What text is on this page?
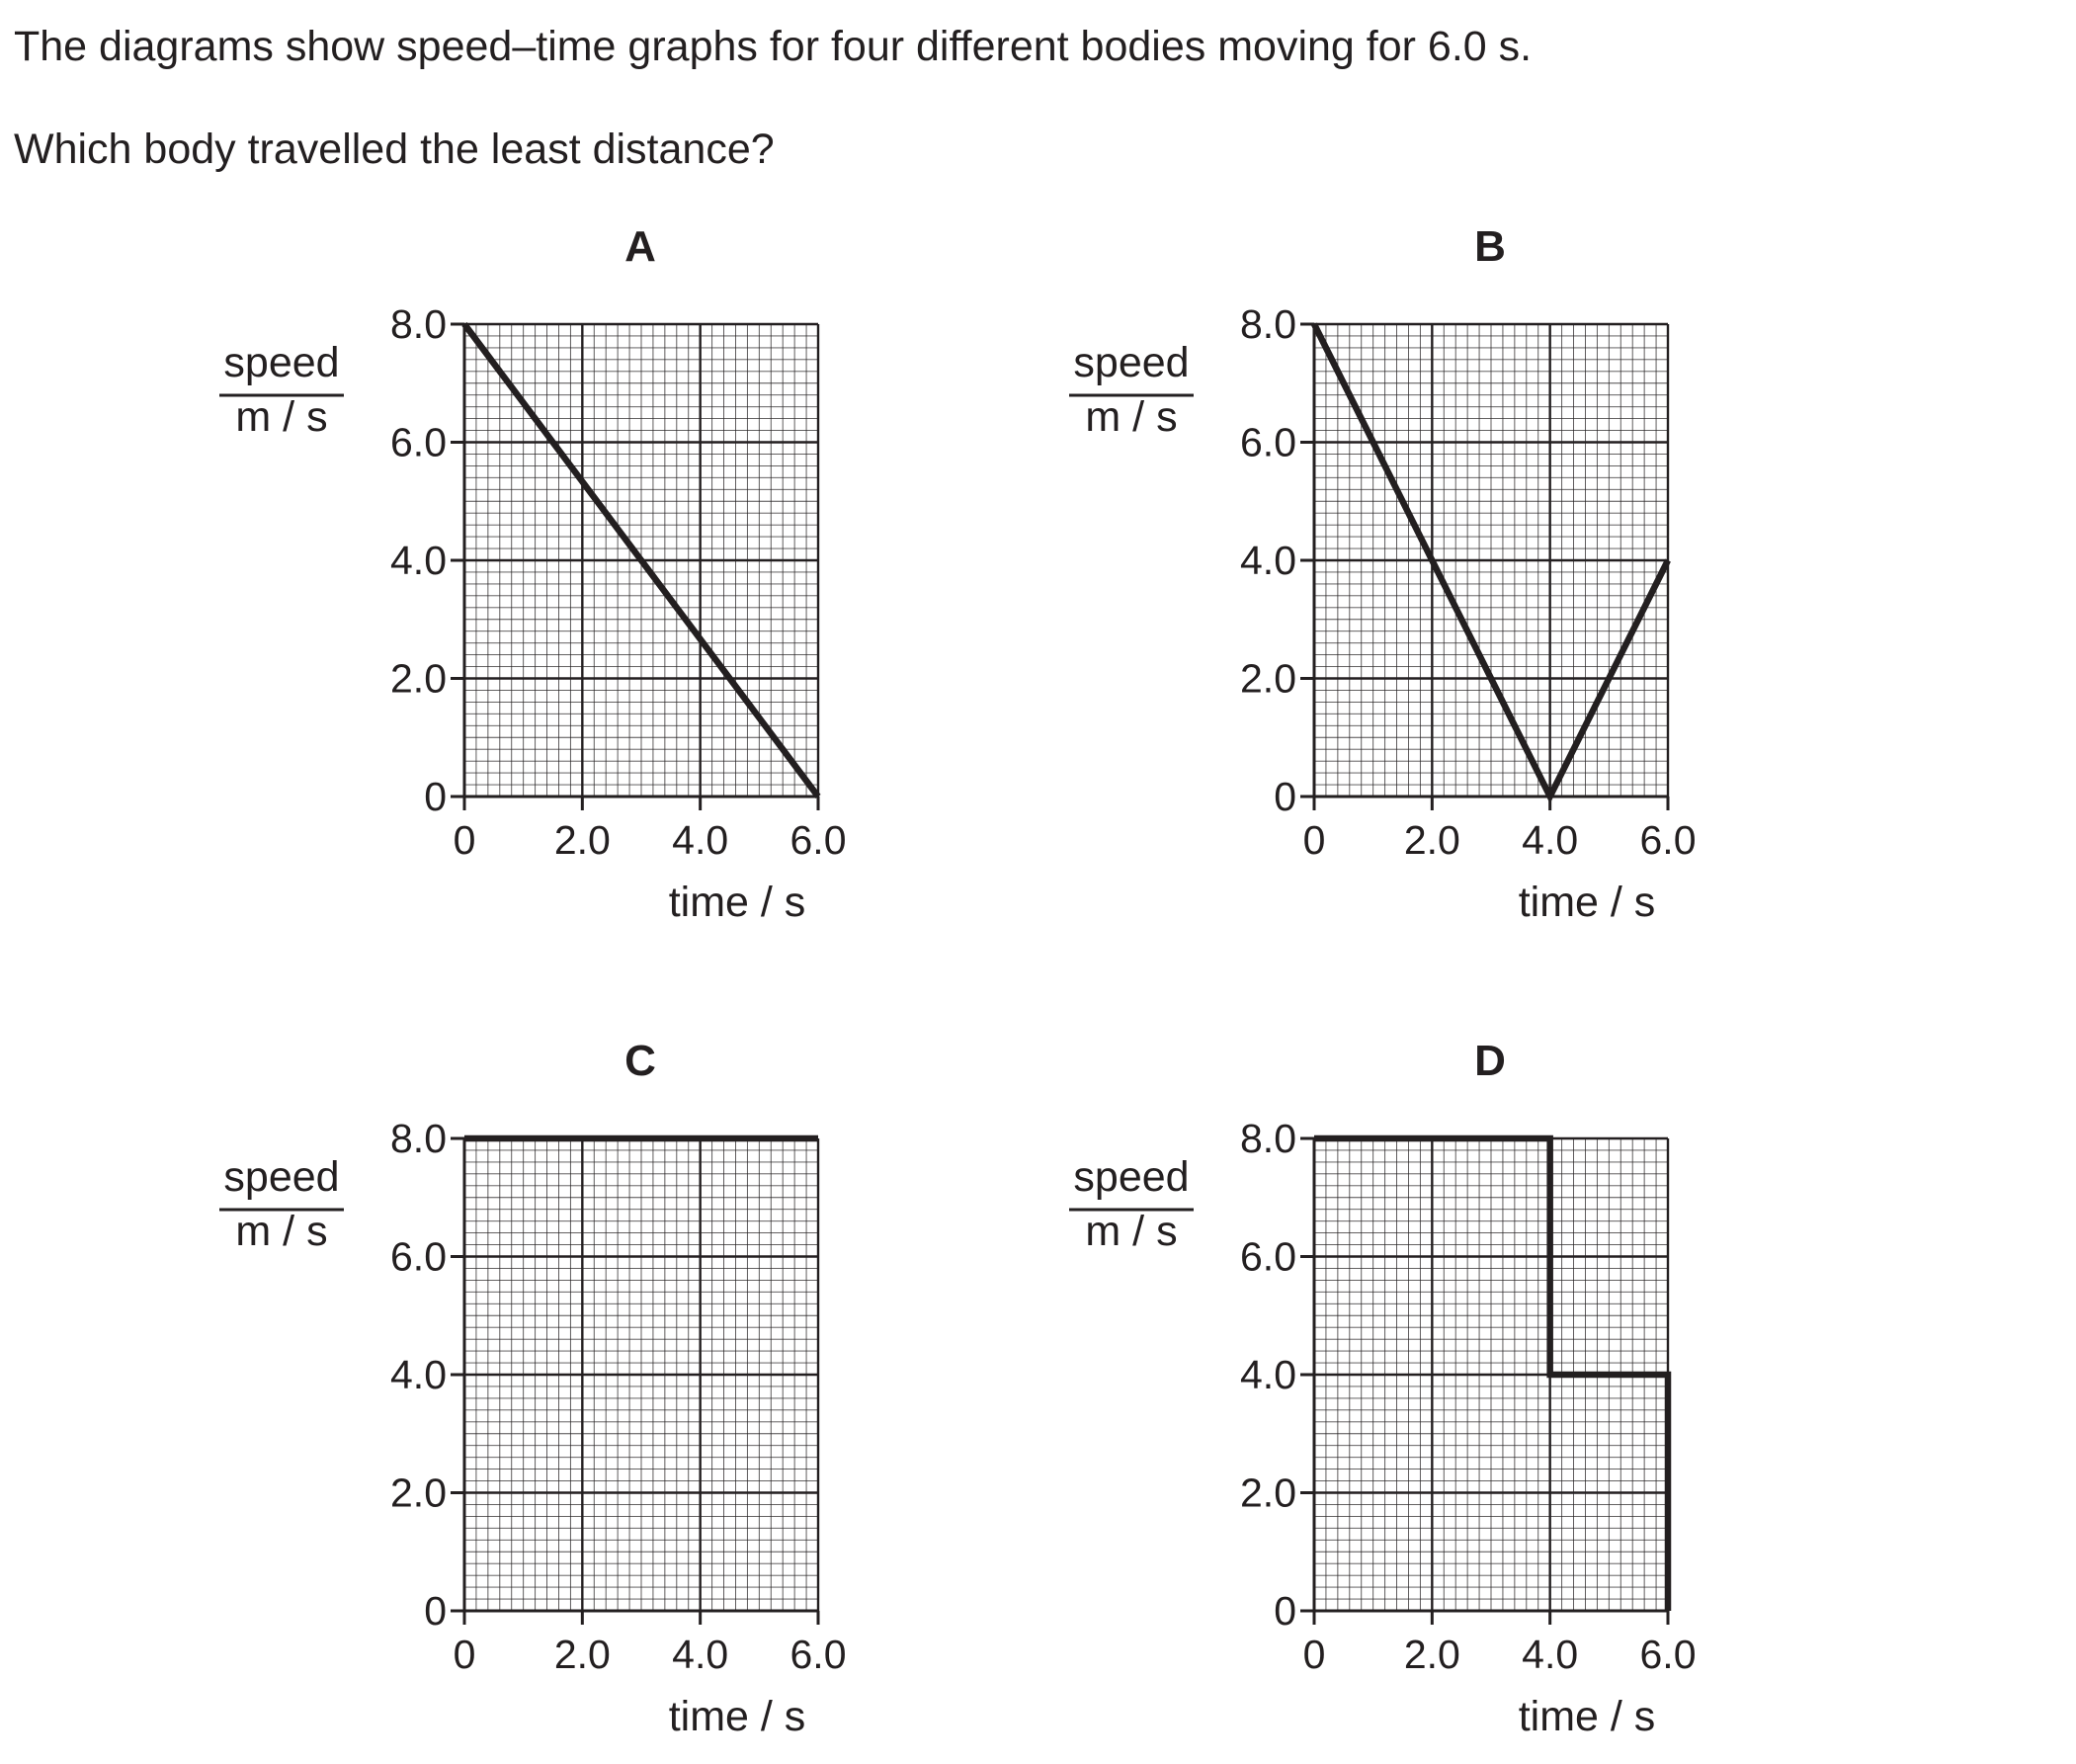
The diagrams show speed–time graphs for four different bodies moving for 6.0 s.
Which body travelled the least distance?
0
2.0
4.0
6.0
8.0
0 2.0 4.0 6.0
A
time / s
speed
m / s
0
2.0
4.0
6.0
8.0
0 2.0 4.0 6.0
B
time / s
speed
m / s
0
2.0
4.0
6.0
8.0
0 2.0 4.0 6.0
C
time / s
speed
m / s
0
2.0
4.0
6.0
8.0
0 2.0 4.0 6.0
D
time / s
speed
m / s
